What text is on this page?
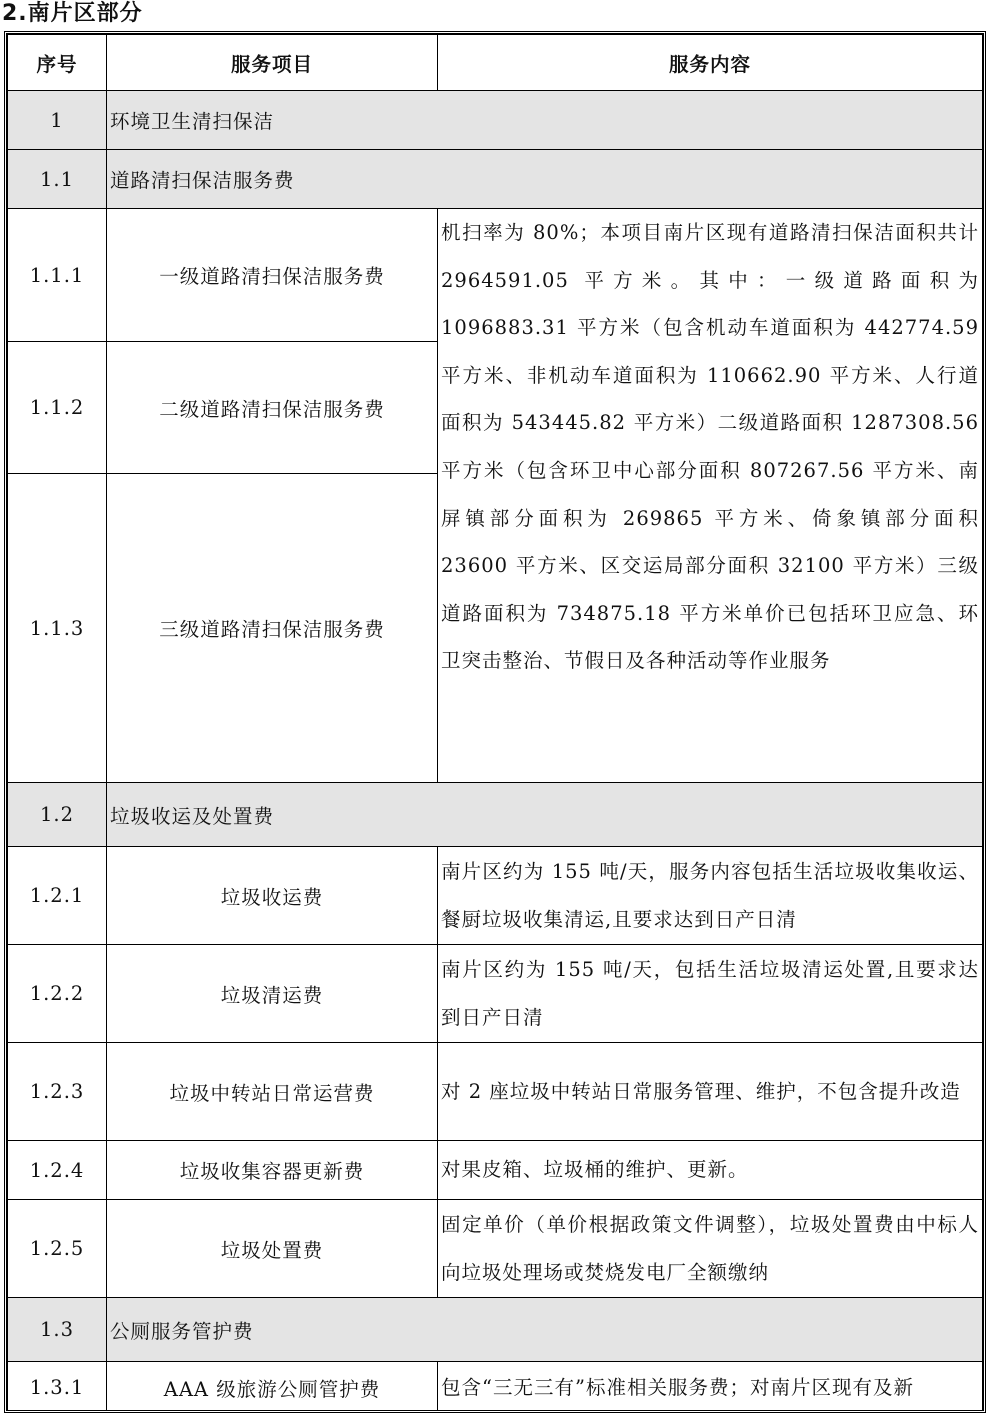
2.南片区部分
序号	服务项目	服务内容
1	环境卫生清扫保洁	
1.1	道路清扫保洁服务费	
1.1.1	一级道路清扫保洁服务费	机扫率为 80%；本项目南片区现有道路清扫保洁面积共计 2964591.05 平方米。其中：一级道路面积为 1096883.31 平方米（包含机动车道面积为 442774.59 平方米、非机动车道面积为 110662.90 平方米、人行道面积为 543445.82 平方米）二级道路面积 1287308.56 平方米（包含环卫中心部分面积 807267.56 平方米、南屏镇部分面积为 269865 平方米、倚象镇部分面积 23600 平方米、区交运局部分面积 32100 平方米）三级道路面积为 734875.18 平方米单价已包括环卫应急、环卫突击整治、节假日及各种活动等作业服务
1.1.2	二级道路清扫保洁服务费	
1.1.3	三级道路清扫保洁服务费	
1.2	垃圾收运及处置费	
1.2.1	垃圾收运费	南片区约为 155 吨/天，服务内容包括生活垃圾收集收运、餐厨垃圾收集清运,且要求达到日产日清
1.2.2	垃圾清运费	南片区约为 155 吨/天，包括生活垃圾清运处置,且要求达到日产日清
1.2.3	垃圾中转站日常运营费	对 2 座垃圾中转站日常服务管理、维护，不包含提升改造
1.2.4	垃圾收集容器更新费	对果皮箱、垃圾桶的维护、更新。
1.2.5	垃圾处置费	固定单价（单价根据政策文件调整），垃圾处置费由中标人向垃圾处理场或焚烧发电厂全额缴纳
1.3	公厕服务管护费	
1.3.1	AAA 级旅游公厕管护费	包含“三无三有”标准相关服务费；对南片区现有及新
